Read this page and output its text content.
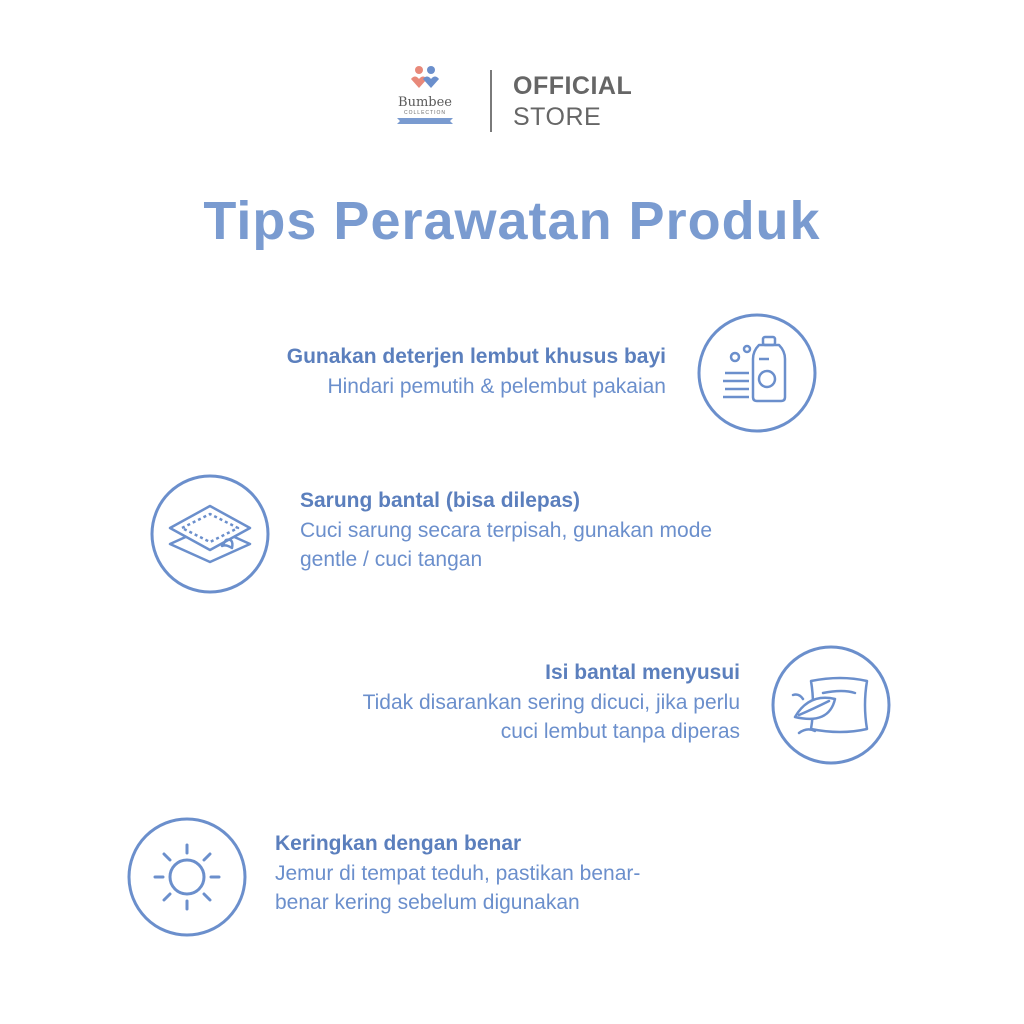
Bumbee
COLLECTION
OFFICIAL
STORE
Tips Perawatan Produk
Gunakan deterjen lembut khusus bayi
Hindari pemutih & pelembut pakaian
Sarung bantal (bisa dilepas)
Cuci sarung secara terpisah, gunakan mode
gentle / cuci tangan
Isi bantal menyusui
Tidak disarankan sering dicuci, jika perlu
cuci lembut tanpa diperas
Keringkan dengan benar
Jemur di tempat teduh, pastikan benar-
benar kering sebelum digunakan
